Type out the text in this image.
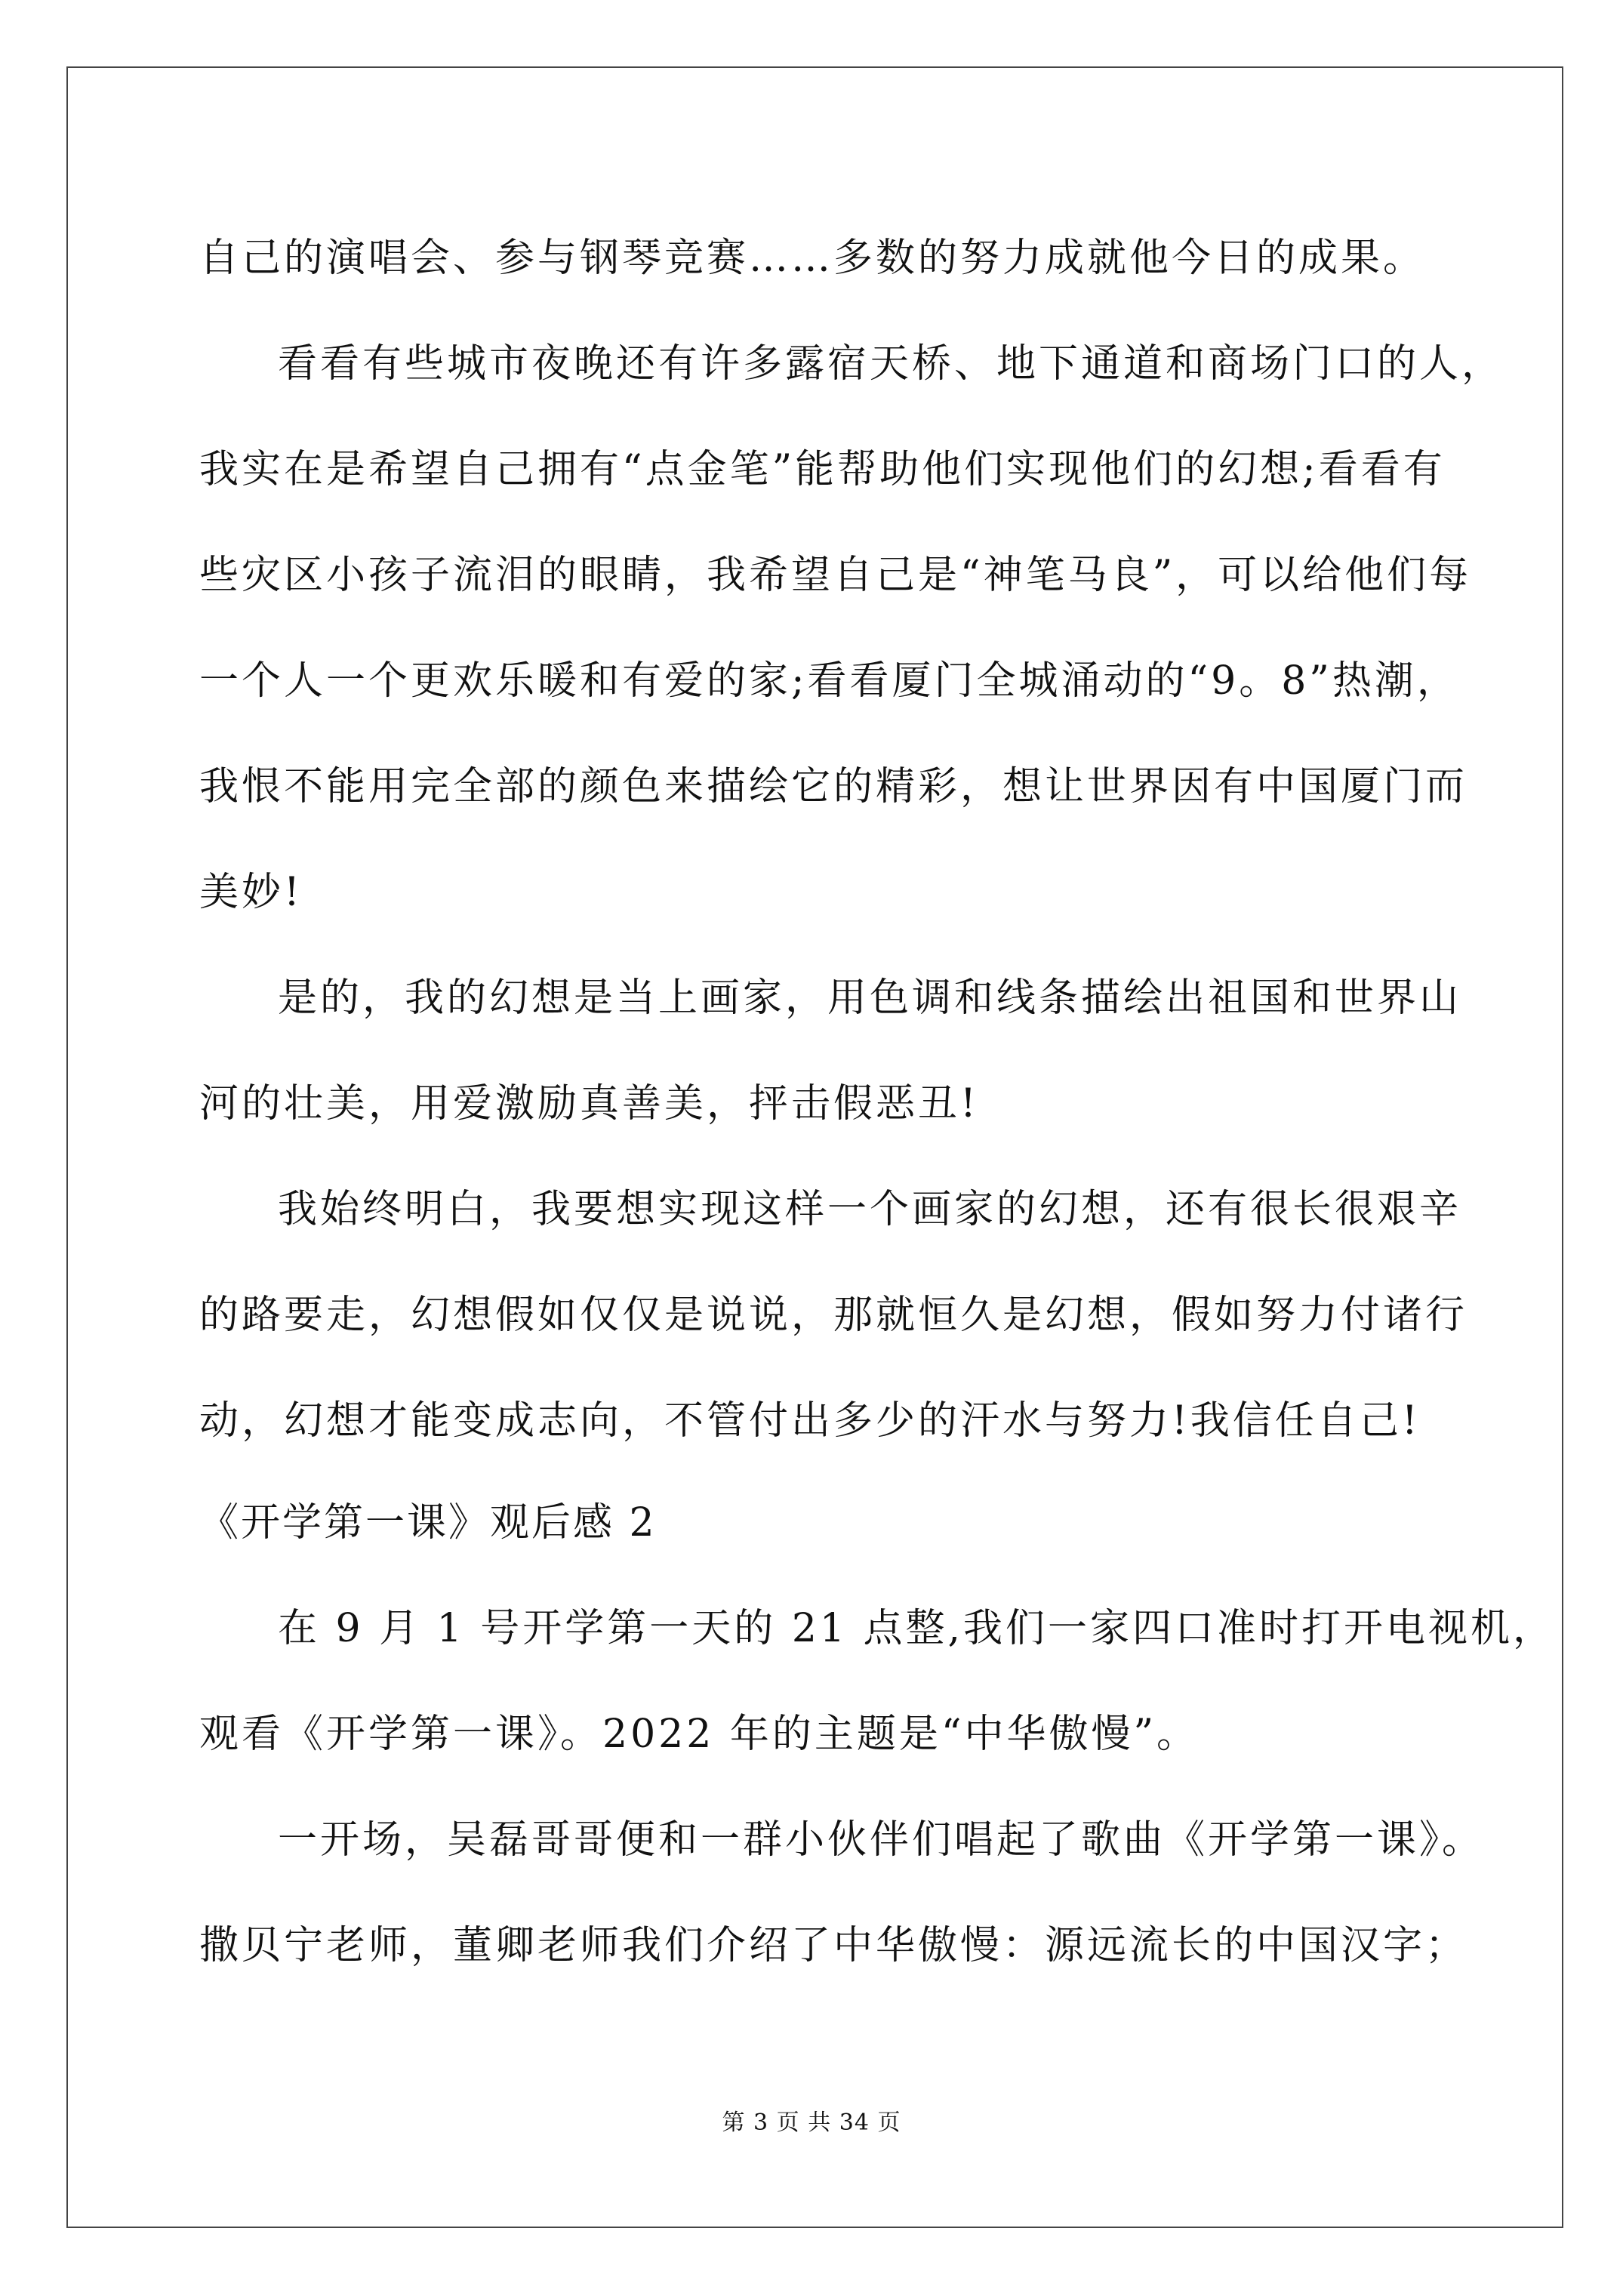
自己的演唱会、参与钢琴竞赛……多数的努力成就他今日的成果。
看看有些城市夜晚还有许多露宿天桥、地下通道和商场门口的人，
我实在是希望自己拥有“点金笔”能帮助他们实现他们的幻想;看看有
些灾区小孩子流泪的眼睛，我希望自己是“神笔马良”，可以给他们每
一个人一个更欢乐暖和有爱的家;看看厦门全城涌动的“9。8”热潮，
我恨不能用完全部的颜色来描绘它的精彩，想让世界因有中国厦门而
美妙!
是的，我的幻想是当上画家，用色调和线条描绘出祖国和世界山
河的壮美，用爱激励真善美，抨击假恶丑!
我始终明白，我要想实现这样一个画家的幻想，还有很长很艰辛
的路要走，幻想假如仅仅是说说，那就恒久是幻想，假如努力付诸行
动，幻想才能变成志向，不管付出多少的汗水与努力!我信任自己!
《开学第一课》观后感 2
在 9 月 1 号开学第一天的 21 点整,我们一家四口准时打开电视机，
观看《开学第一课》。2022 年的主题是“中华傲慢”。
一开场，吴磊哥哥便和一群小伙伴们唱起了歌曲《开学第一课》。
撒贝宁老师，董卿老师我们介绍了中华傲慢：源远流长的中国汉字；
第 3 页 共 34 页
